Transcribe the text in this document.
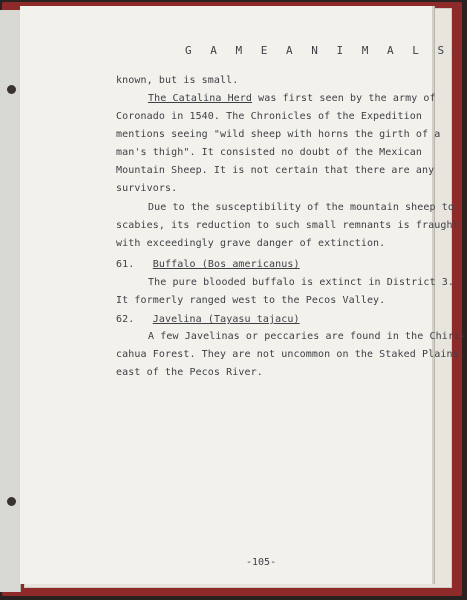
G A M E A N I M A L S.
known, but is small.
The Catalina Herd was first seen by the army of
Coronado in 1540. The Chronicles of the Expedition
mentions seeing "wild sheep with horns the girth of a
man's thigh". It consisted no doubt of the Mexican
Mountain Sheep. It is not certain that there are any
survivors.
Due to the susceptibility of the mountain sheep to
scabies, its reduction to such small remnants is fraught
with exceedingly grave danger of extinction.
61. Buffalo (Bos americanus)
The pure blooded buffalo is extinct in District 3.
It formerly ranged west to the Pecos Valley.
62. Javelina (Tayasu tajacu)
A few Javelinas or peccaries are found in the Chiri-
cahua Forest. They are not uncommon on the Staked Plains
east of the Pecos River.
-105-
